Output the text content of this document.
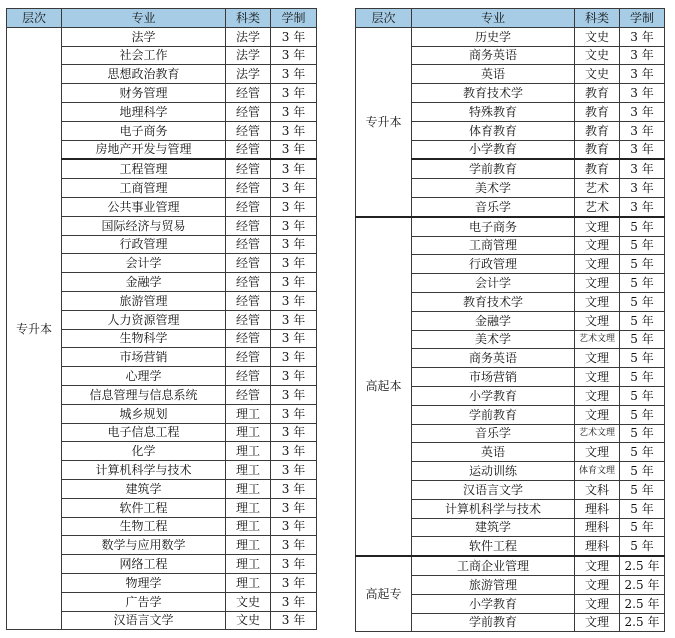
层次	专业	科类	学制
专升本	法学	法学	3 年
	社会工作	法学	3 年
	思想政治教育	法学	3 年
	财务管理	经管	3 年
	地理科学	经管	3 年
	电子商务	经管	3 年
	房地产开发与管理	经管	3 年
	工程管理	经管	3 年
	工商管理	经管	3 年
	公共事业管理	经管	3 年
	国际经济与贸易	经管	3 年
	行政管理	经管	3 年
	会计学	经管	3 年
	金融学	经管	3 年
	旅游管理	经管	3 年
	人力资源管理	经管	3 年
	生物科学	经管	3 年
	市场营销	经管	3 年
	心理学	经管	3 年
	信息管理与信息系统	经管	3 年
	城乡规划	理工	3 年
	电子信息工程	理工	3 年
	化学	理工	3 年
	计算机科学与技术	理工	3 年
	建筑学	理工	3 年
	软件工程	理工	3 年
	生物工程	理工	3 年
	数学与应用数学	理工	3 年
	网络工程	理工	3 年
	物理学	理工	3 年
	广告学	文史	3 年
	汉语言文学	文史	3 年
层次	专业	科类	学制
专升本	历史学	文史	3 年
	商务英语	文史	3 年
	英语	文史	3 年
	教育技术学	教育	3 年
	特殊教育	教育	3 年
	体育教育	教育	3 年
	小学教育	教育	3 年
	学前教育	教育	3 年
	美术学	艺术	3 年
	音乐学	艺术	3 年
高起本	电子商务	文理	5 年
	工商管理	文理	5 年
	行政管理	文理	5 年
	会计学	文理	5 年
	教育技术学	文理	5 年
	金融学	文理	5 年
	美术学	艺术文理	5 年
	商务英语	文理	5 年
	市场营销	文理	5 年
	小学教育	文理	5 年
	学前教育	文理	5 年
	音乐学	艺术文理	5 年
	英语	文理	5 年
	运动训练	体育文理	5 年
	汉语言文学	文科	5 年
	计算机科学与技术	理科	5 年
	建筑学	理科	5 年
	软件工程	理科	5 年
高起专	工商企业管理	文理	2.5 年
	旅游管理	文理	2.5 年
	小学教育	文理	2.5 年
	学前教育	文理	2.5 年
